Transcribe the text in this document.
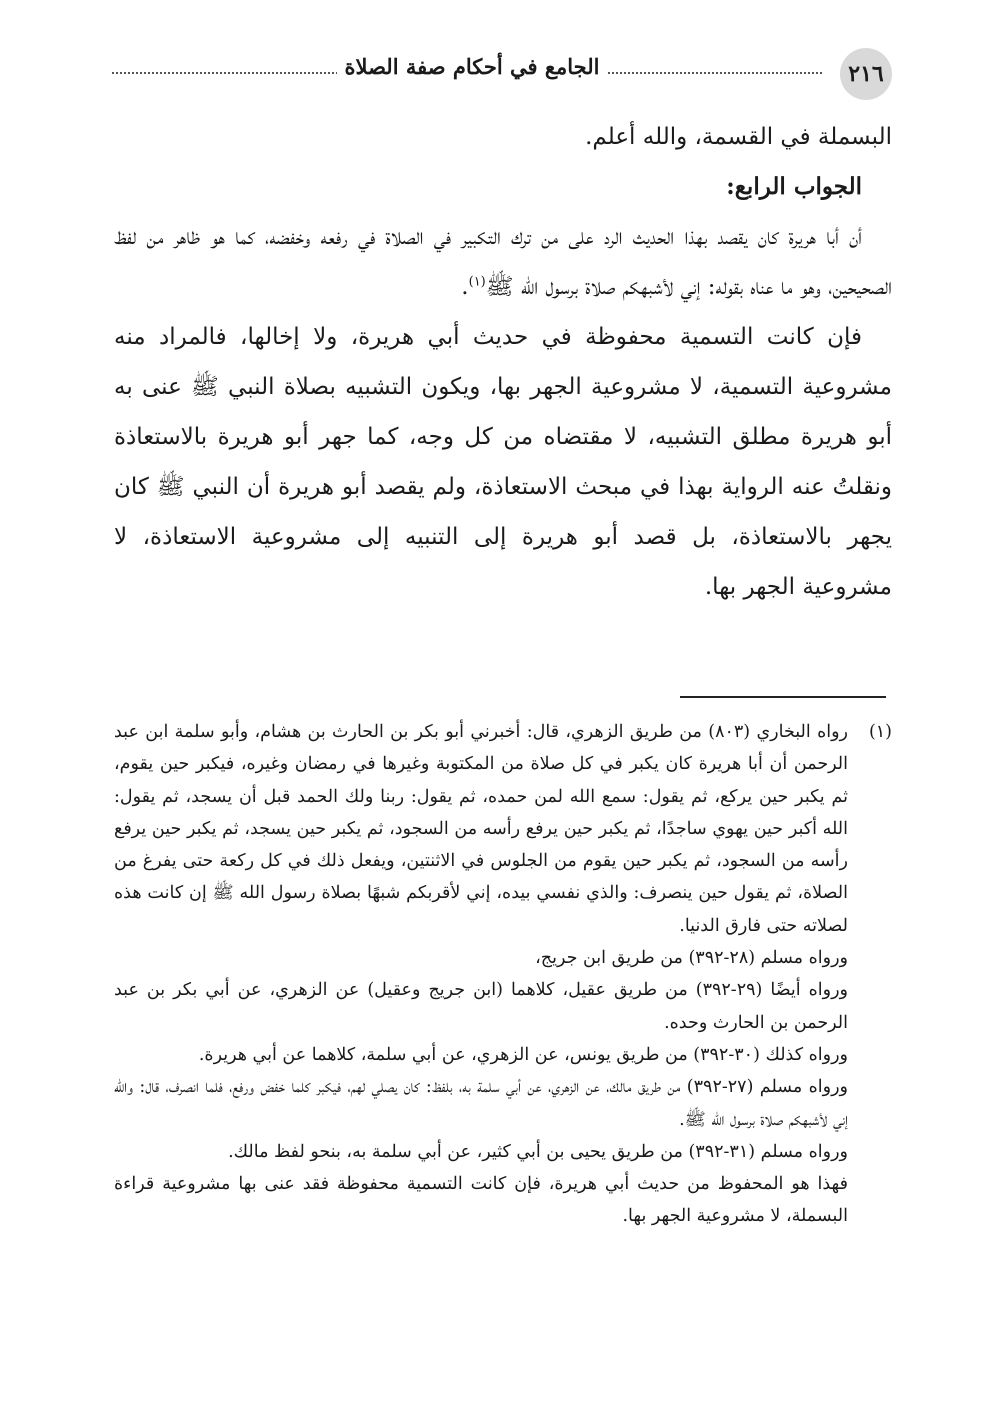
٢١٦
الجامع في أحكام صفة الصلاة

البسملة في القسمة، والله أعلم.

الجواب الرابع:

أن أبا هريرة كان يقصد بهذا الحديث الرد على من ترك التكبير في الصلاة في رفعه وخفضه، كما هو ظاهر من لفظ الصحيحين، وهو ما عناه بقوله: إني لأشبهكم صلاة برسول الله ﷺ$^{(١)}$.

فإن كانت التسمية محفوظة في حديث أبي هريرة، ولا إخالها، فالمراد منه مشروعية التسمية، لا مشروعية الجهر بها، ويكون التشبيه بصلاة النبي ﷺ عنى به أبو هريرة مطلق التشبيه، لا مقتضاه من كل وجه، كما جهر أبو هريرة بالاستعاذة ونقلتُ عنه الرواية بهذا في مبحث الاستعاذة، ولم يقصد أبو هريرة أن النبي ﷺ كان يجهر بالاستعاذة، بل قصد أبو هريرة إلى التنبيه إلى مشروعية الاستعاذة، لا مشروعية الجهر بها.

(١)

رواه البخاري (٨٠٣) من طريق الزهري، قال: أخبرني أبو بكر بن الحارث بن هشام، وأبو سلمة ابن عبد الرحمن أن أبا هريرة كان يكبر في كل صلاة من المكتوبة وغيرها في رمضان وغيره، فيكبر حين يقوم، ثم يكبر حين يركع، ثم يقول: سمع الله لمن حمده، ثم يقول: ربنا ولك الحمد قبل أن يسجد، ثم يقول: الله أكبر حين يهوي ساجدًا، ثم يكبر حين يرفع رأسه من السجود، ثم يكبر حين يسجد، ثم يكبر حين يرفع رأسه من السجود، ثم يكبر حين يقوم من الجلوس في الاثنتين، ويفعل ذلك في كل ركعة حتى يفرغ من الصلاة، ثم يقول حين ينصرف: والذي نفسي بيده، إني لأقربكم شبهًا بصلاة رسول الله ﷺ إن كانت هذه لصلاته حتى فارق الدنيا.

ورواه مسلم (٢٨-٣٩٢) من طريق ابن جريج،

ورواه أيضًا (٢٩-٣٩٢) من طريق عقيل، كلاهما (ابن جريج وعقيل) عن الزهري، عن أبي بكر بن عبد الرحمن بن الحارث وحده.

ورواه كذلك (٣٠-٣٩٢) من طريق يونس، عن الزهري، عن أبي سلمة، كلاهما عن أبي هريرة.

ورواه مسلم (٢٧-٣٩٢) من طريق مالك، عن الزهري، عن أبي سلمة به، بلفظ: كان يصلي لهم، فيكبر كلما خفض ورفع، فلما انصرف، قال: والله إني لأشبهكم صلاة برسول الله ﷺ.

ورواه مسلم (٣١-٣٩٢) من طريق يحيى بن أبي كثير، عن أبي سلمة به، بنحو لفظ مالك.

فهذا هو المحفوظ من حديث أبي هريرة، فإن كانت التسمية محفوظة فقد عنى بها مشروعية قراءة البسملة، لا مشروعية الجهر بها.
